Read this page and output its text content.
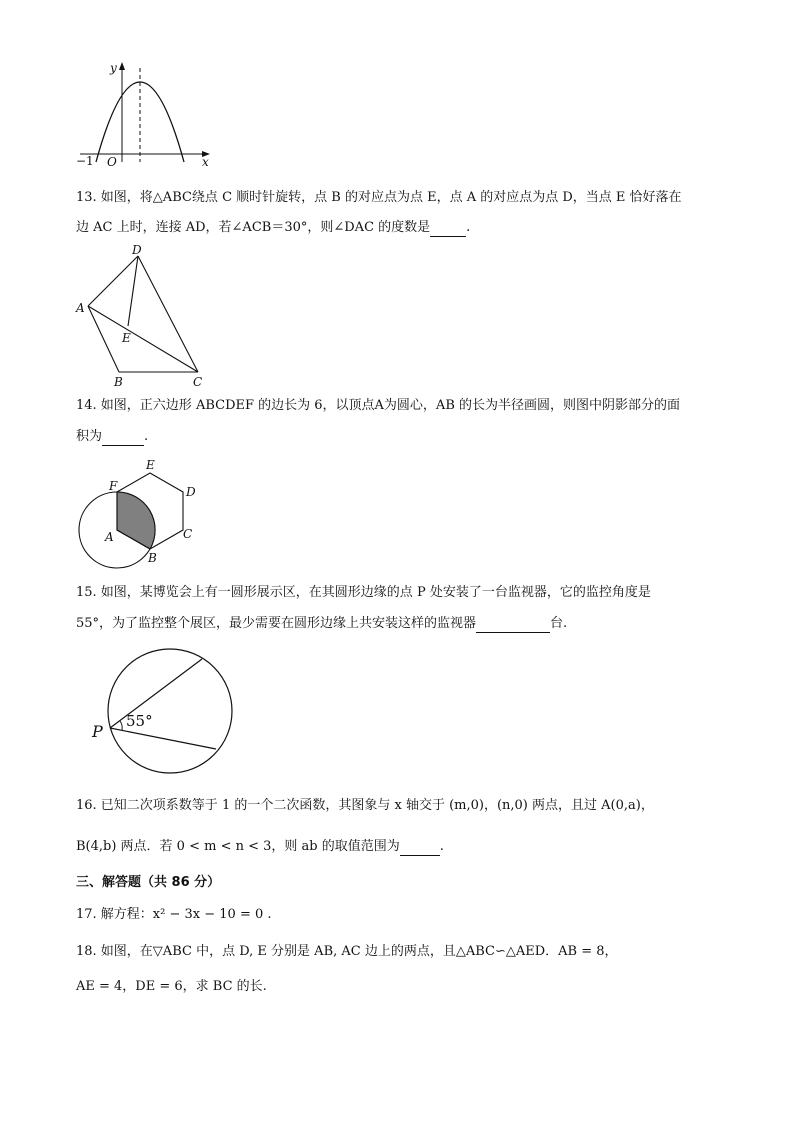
y
x
−1 O
13. 如图，将△ABC绕点 C 顺时针旋转，点 B 的对应点为点 E，点 A 的对应点为点 D，当点 E 恰好落在
边 AC 上时，连接 AD，若∠ACB＝30°，则∠DAC 的度数是	.
D
A
E
B	C
14. 如图，正六边形 ABCDEF 的边长为 6，以顶点A为圆心，AB 的长为半径画圆，则图中阴影部分的面
积为	.
E
D
C
F
A
B
15. 如图，某博览会上有一圆形展示区，在其圆形边缘的点 P 处安装了一台监视器，它的监控角度是
55°，为了监控整个展区，最少需要在圆形边缘上共安装这样的监视器	台.
55°
P
16. 已知二次项系数等于 1 的一个二次函数，其图象与 x 轴交于 (m,0)，(n,0) 两点，且过 A(0,a)，
B(4,b) 两点．若 0 < m < n < 3，则 ab 的取值范围为	.
三、解答题（共 86 分）
17. 解方程：x² − 3x − 10 = 0 .
18. 如图，在▽ABC 中，点 D, E 分别是 AB, AC 边上的两点，且△ABC∽△AED．AB = 8，
AE = 4，DE = 6，求 BC 的长.
